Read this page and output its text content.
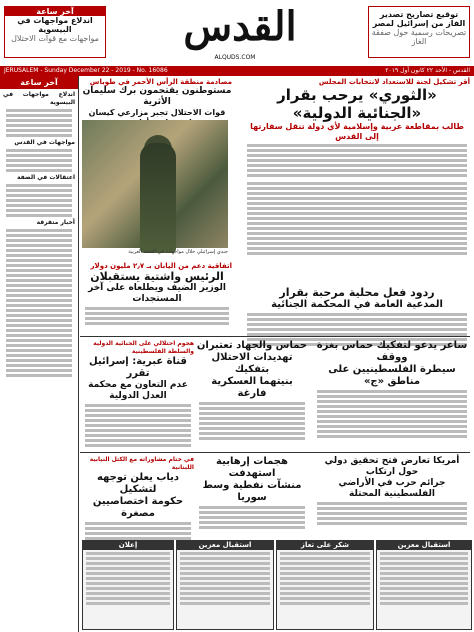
توقيع تصاريح تصدير الفاز من إسرائيل لمصر
تصريحات رسمية حول صفقة الغاز
القدس
ALQUDS.COM
آخر ساعة
اندلاع مواجهات في البيسوية
مواجهات مع قوات الاحتلال
القدس - الأحد ٢٢ كانون أول ٢٠١٩
JERUSALEM - Sunday December 22 - 2019 - No. 16086
آخر ساعة
اندلاع مواجهات في البيسوية
مواجهات في القدس
اعتقالات في الضفة
أخبار متفرقة
أقر تشكيل لجنة للاستعداد لانتخابات المجلس
«الثوري» يرحب بقرار «الجنائية الدولية»
طالب بمقاطعة عربية وإسلامية لأي دولة تنقل سفارتها إلى القدس
مصادمة منطقة الرأس الأحمر في طوباس
مستوطنون يقتحمون برك سليمان الأثرية
قوات الاحتلال تجبر مزارعي كيسان
جندي إسرائيلي خلال مواجهات في الضفة الغربية
اتفاقية دعم من اليابان بـ ٢٫٧ مليون دولار
الرئيس واشتية يستقبلان
الوزير الضيف ويطلعاه على آخر المستجدات	ردود فعل محلية مرحبة بقرار
المدعية العامة في المحكمة الجنائية
هجوم احتلالي على الجنائية الدولية والسلطة الفلسطينية
قناة عبرية: إسرائيل تقرر
عدم التعاون مع محكمة العدل الدولية
حماس والجهاد تعتبران
تهديدات الاحتلال بتفكيك
بنيتهما العسكرية فارغة
ساعر يدعو لتفكيك حماس بغزة ووقف
سيطرة الفلسطينيين على مناطق «ج»
في ختام مشاوراته مع الكتل النيابية اللبنانية
دياب يعلن توجهه لتشكيل
حكومة اختصاصيين مصغرة
هجمات إرهابية استهدفت
منشآت نفطية وسط سوريا
أمريكا تعارض فتح تحقيق دولي حول ارتكاب
جرائم حرب في الأراضي الفلسطينية المحتلة
إعلان	استقبال معزين	شكر على تعاز	استقبال معزين
